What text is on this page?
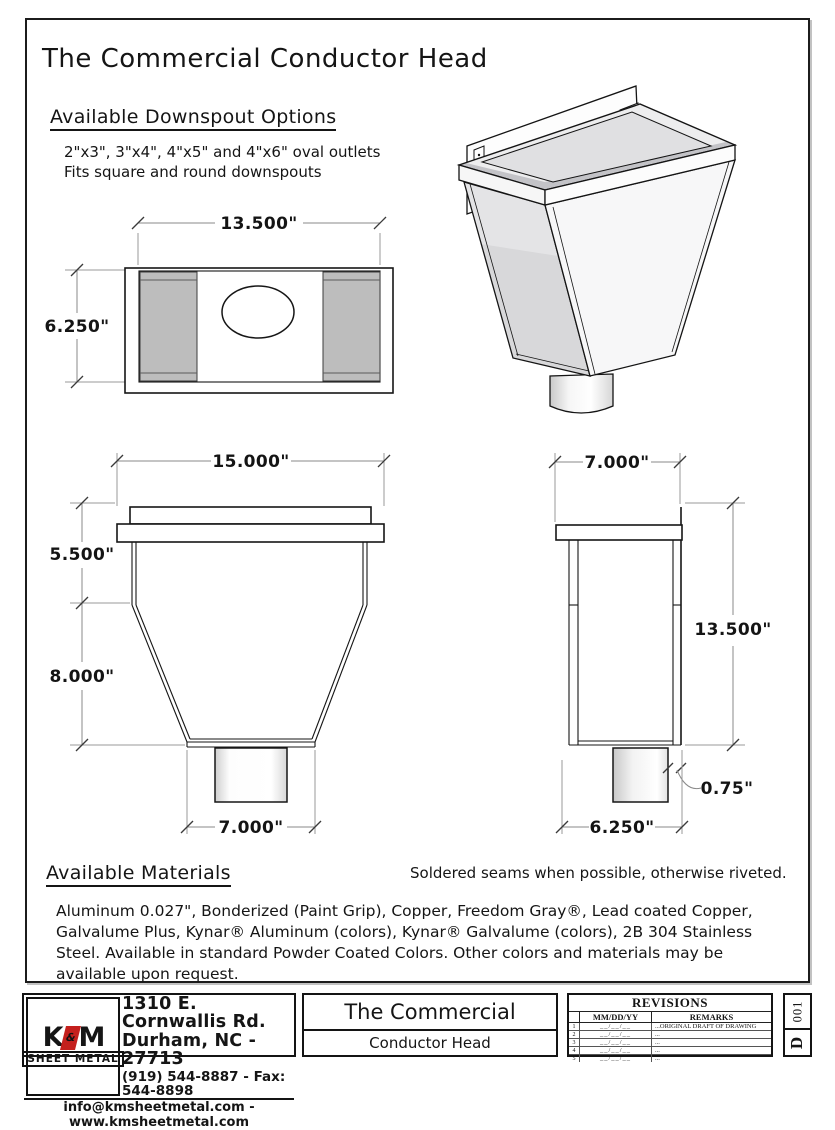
The Commercial Conductor Head
Available Downspout Options
2"x3", 3"x4", 4"x5" and 4"x6" oval outlets
Fits square and round downspouts
13.500"
6.250"
15.000"
5.500"
8.000"
7.000"
7.000"
13.500"
0.75"
6.250"
Available Materials	Soldered seams when possible, otherwise riveted.
Aluminum 0.027", Bonderized (Paint Grip), Copper, Freedom Gray®, Lead coated Copper, Galvalume Plus, Kynar® Aluminum (colors), Kynar® Galvalume (colors), 2B 304 Stainless Steel. Available in standard Powder Coated Colors. Other colors and materials may be available upon request.
K & M
SHEET METAL
1310 E. Cornwallis Rd.
Durham, NC - 27713
(919) 544-8887 - Fax: 544-8898
info@kmsheetmetal.com - www.kmsheetmetal.com
The Commercial
Conductor Head
REVISIONS
MM/DD/YY	REMARKS
1	__/__/__	...ORIGINAL DRAFT OF DRAWING
2	__/__/__	...
3	__/__/__	...
4	__/__/__	...
5	__/__/__	...
001
D
